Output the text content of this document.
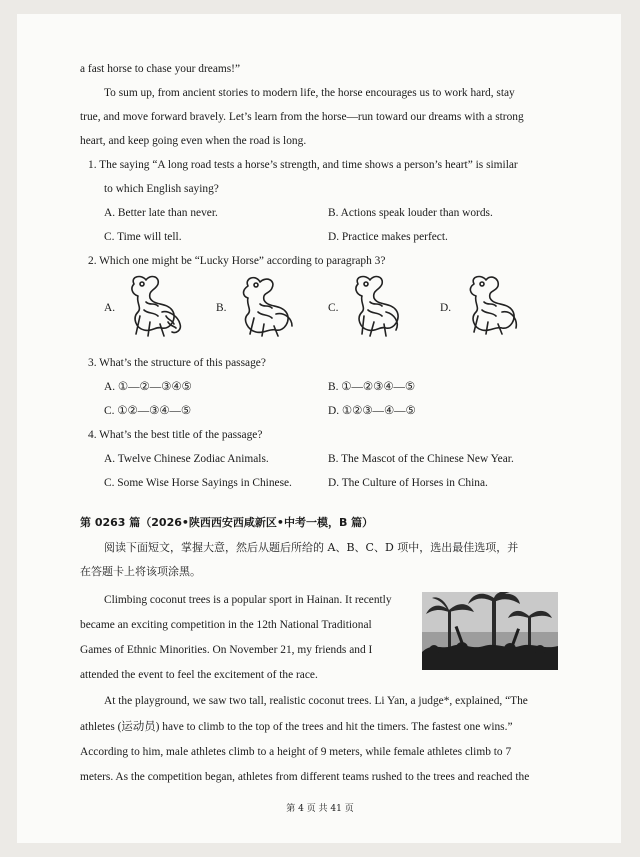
a fast horse to chase your dreams!”
To sum up, from ancient stories to modern life, the horse encourages us to work hard, stay
true, and move forward bravely. Let’s learn from the horse—run toward our dreams with a strong
heart, and keep going even when the road is long.
1. The saying “A long road tests a horse’s strength, and time shows a person’s heart” is similar
to which English saying?
A. Better late than never.	B. Actions speak louder than words.
C. Time will tell.	D. Practice makes perfect.
2. Which one might be “Lucky Horse” according to paragraph 3?
A.	B.	C.	D.
3. What’s the structure of this passage?
A. ①—②—③④⑤	B. ①—②③④—⑤
C. ①②—③④—⑤	D. ①②③—④—⑤
4. What’s the best title of the passage?
A. Twelve Chinese Zodiac Animals.	B. The Mascot of the Chinese New Year.
C. Some Wise Horse Sayings in Chinese.	D. The Culture of Horses in China.
第 0263 篇（2026•陕西西安西咸新区•中考一模，B 篇）
阅读下面短文，掌握大意，然后从题后所给的 A、B、C、D 项中，选出最佳选项，并
在答题卡上将该项涂黑。
Climbing coconut trees is a popular sport in Hainan. It recently
became an exciting competition in the 12th National Traditional
Games of Ethnic Minorities. On November 21, my friends and I
attended the event to feel the excitement of the race.
At the playground, we saw two tall, realistic coconut trees. Li Yan, a judge*, explained, “The
athletes (运动员) have to climb to the top of the trees and hit the timers. The fastest one wins.”
According to him, male athletes climb to a height of 9 meters, while female athletes climb to 7
meters. As the competition began, athletes from different teams rushed to the trees and reached the
第 4 页 共 41 页
